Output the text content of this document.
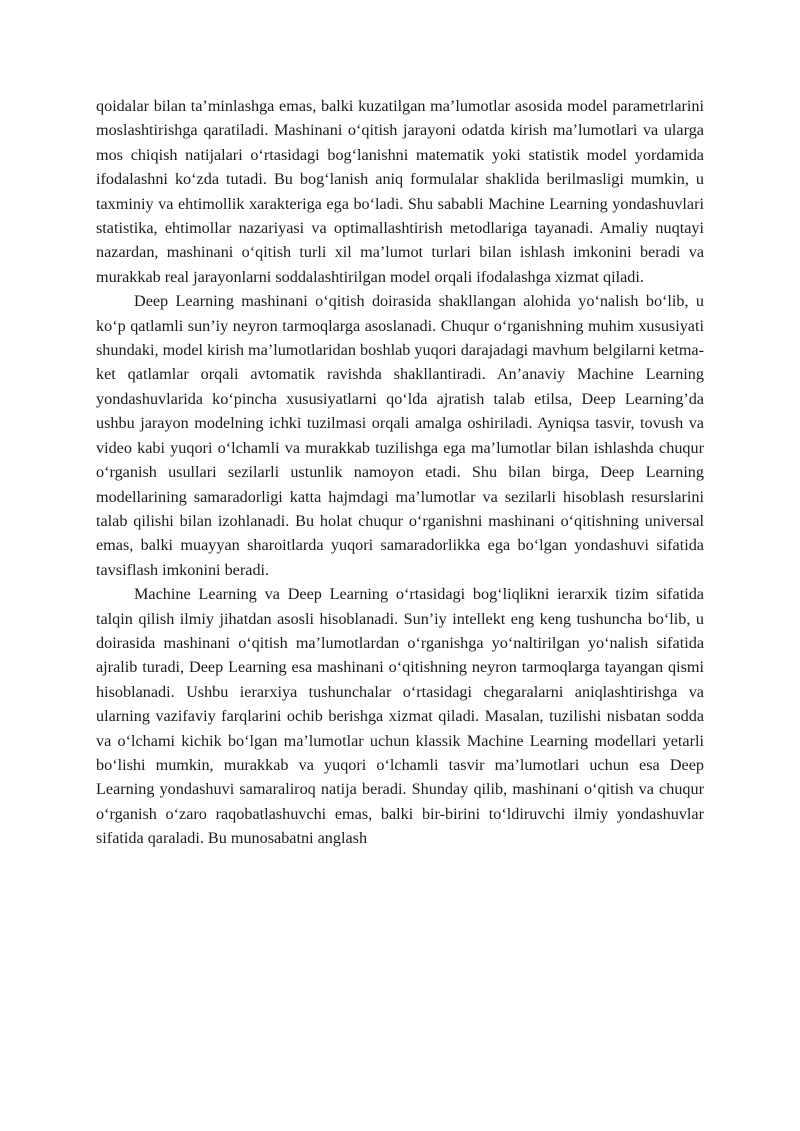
qoidalar bilan ta’minlashga emas, balki kuzatilgan ma’lumotlar asosida model parametrlarini moslashtirishga qaratiladi. Mashinani o‘qitish jarayoni odatda kirish ma’lumotlari va ularga mos chiqish natijalari o‘rtasidagi bog‘lanishni matematik yoki statistik model yordamida ifodalashni ko‘zda tutadi. Bu bog‘lanish aniq formulalar shaklida berilmasligi mumkin, u taxminiy va ehtimollik xarakteriga ega bo‘ladi. Shu sababli Machine Learning yondashuvlari statistika, ehtimollar nazariyasi va optimallashtirish metodlariga tayanadi. Amaliy nuqtayi nazardan, mashinani o‘qitish turli xil ma’lumot turlari bilan ishlash imkonini beradi va murakkab real jarayonlarni soddalashtirilgan model orqali ifodalashga xizmat qiladi.

Deep Learning mashinani o‘qitish doirasida shakllangan alohida yo‘nalish bo‘lib, u ko‘p qatlamli sun’iy neyron tarmoqlarga asoslanadi. Chuqur o‘rganishning muhim xususiyati shundaki, model kirish ma’lumotlaridan boshlab yuqori darajadagi mavhum belgilarni ketma-ket qatlamlar orqali avtomatik ravishda shakllantiradi. An’anaviy Machine Learning yondashuvlarida ko‘pincha xususiyatlarni qo‘lda ajratish talab etilsa, Deep Learning’da ushbu jarayon modelning ichki tuzilmasi orqali amalga oshiriladi. Ayniqsa tasvir, tovush va video kabi yuqori o‘lchamli va murakkab tuzilishga ega ma’lumotlar bilan ishlashda chuqur o‘rganish usullari sezilarli ustunlik namoyon etadi. Shu bilan birga, Deep Learning modellarining samaradorligi katta hajmdagi ma’lumotlar va sezilarli hisoblash resurslarini talab qilishi bilan izohlanadi. Bu holat chuqur o‘rganishni mashinani o‘qitishning universal emas, balki muayyan sharoitlarda yuqori samaradorlikka ega bo‘lgan yondashuvi sifatida tavsiflash imkonini beradi.

Machine Learning va Deep Learning o‘rtasidagi bog‘liqlikni ierarxik tizim sifatida talqin qilish ilmiy jihatdan asosli hisoblanadi. Sun’iy intellekt eng keng tushuncha bo‘lib, u doirasida mashinani o‘qitish ma’lumotlardan o‘rganishga yo‘naltirilgan yo‘nalish sifatida ajralib turadi, Deep Learning esa mashinani o‘qitishning neyron tarmoqlarga tayangan qismi hisoblanadi. Ushbu ierarxiya tushunchalar o‘rtasidagi chegaralarni aniqlashtirishga va ularning vazifaviy farqlarini ochib berishga xizmat qiladi. Masalan, tuzilishi nisbatan sodda va o‘lchami kichik bo‘lgan ma’lumotlar uchun klassik Machine Learning modellari yetarli bo‘lishi mumkin, murakkab va yuqori o‘lchamli tasvir ma’lumotlari uchun esa Deep Learning yondashuvi samaraliroq natija beradi. Shunday qilib, mashinani o‘qitish va chuqur o‘rganish o‘zaro raqobatlashuvchi emas, balki bir-birini to‘ldiruvchi ilmiy yondashuvlar sifatida qaraladi. Bu munosabatni anglash
